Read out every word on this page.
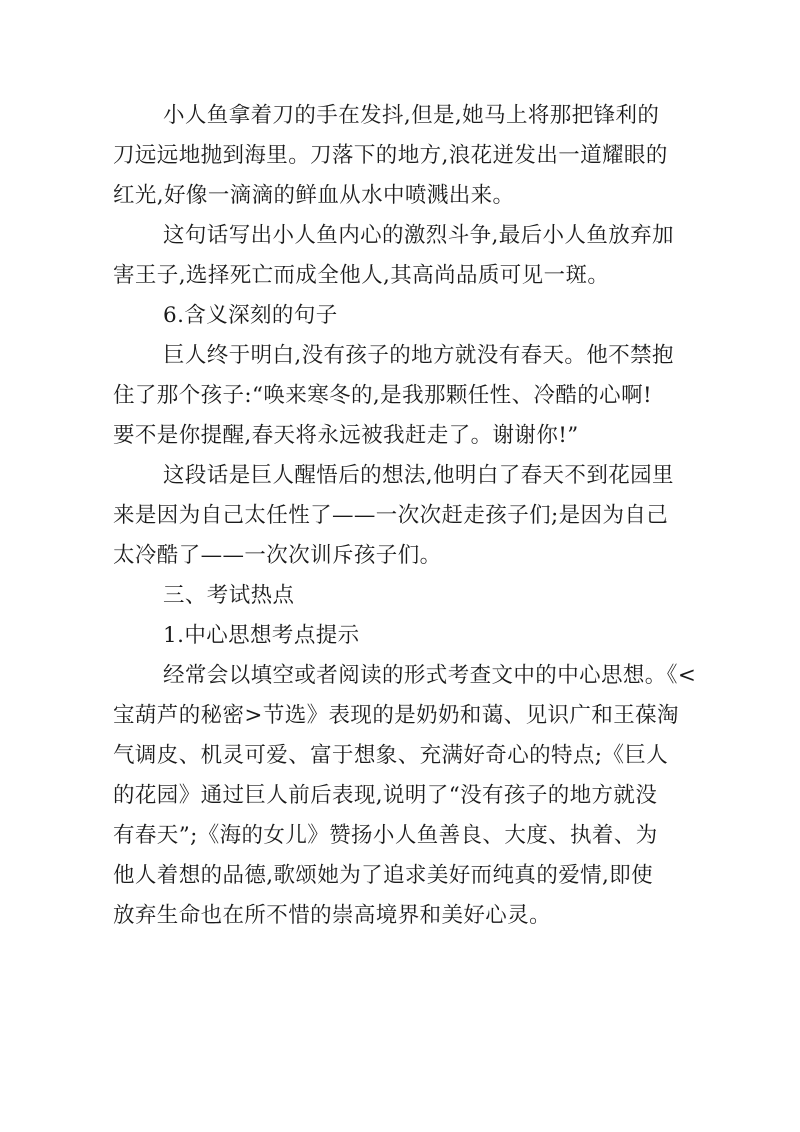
小人鱼拿着刀的手在发抖,但是,她马上将那把锋利的
刀远远地抛到海里。刀落下的地方,浪花迸发出一道耀眼的
红光,好像一滴滴的鲜血从水中喷溅出来。
这句话写出小人鱼内心的激烈斗争,最后小人鱼放弃加
害王子,选择死亡而成全他人,其高尚品质可见一斑。
6.含义深刻的句子
巨人终于明白,没有孩子的地方就没有春天。他不禁抱
住了那个孩子:“唤来寒冬的,是我那颗任性、冷酷的心啊!
要不是你提醒,春天将永远被我赶走了。谢谢你!”
这段话是巨人醒悟后的想法,他明白了春天不到花园里
来是因为自己太任性了——一次次赶走孩子们;是因为自己
太冷酷了——一次次训斥孩子们。
三、考试热点
1.中心思想考点提示
经常会以填空或者阅读的形式考查文中的中心思想。《<
宝葫芦的秘密>节选》表现的是奶奶和蔼、见识广和王葆淘
气调皮、机灵可爱、富于想象、充满好奇心的特点;《巨人
的花园》通过巨人前后表现,说明了“没有孩子的地方就没
有春天”;《海的女儿》赞扬小人鱼善良、大度、执着、为
他人着想的品德,歌颂她为了追求美好而纯真的爱情,即使
放弃生命也在所不惜的崇高境界和美好心灵。
